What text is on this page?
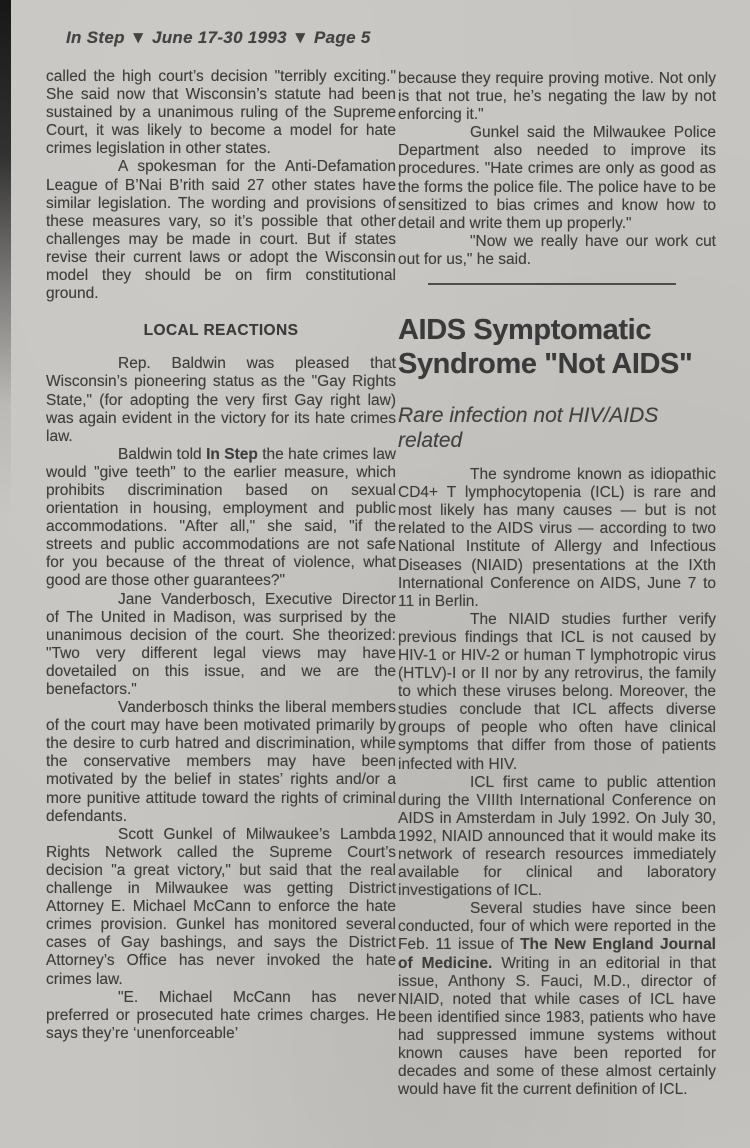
In Step ▼ June 17-30 1993 ▼ Page 5

called the high court’s decision "terribly exciting." She said now that Wisconsin’s statute had been sustained by a unanimous ruling of the Supreme Court, it was likely to become a model for hate crimes legislation in other states.

A spokesman for the Anti-Defamation League of B’Nai B’rith said 27 other states have similar legislation. The wording and provisions of these measures vary, so it’s possible that other challenges may be made in court. But if states revise their current laws or adopt the Wisconsin model they should be on firm constitutional ground.

LOCAL REACTIONS

Rep. Baldwin was pleased that Wisconsin’s pioneering status as the "Gay Rights State," (for adopting the very first Gay right law) was again evident in the victory for its hate crimes law.

Baldwin told In Step the hate crimes law would "give teeth" to the earlier measure, which prohibits discrimination based on sexual orientation in housing, employment and public accommodations. "After all," she said, "if the streets and public accommodations are not safe for you because of the threat of violence, what good are those other guarantees?"

Jane Vanderbosch, Executive Director of The United in Madison, was surprised by the unanimous decision of the court. She theorized: "Two very different legal views may have dovetailed on this issue, and we are the benefactors."

Vanderbosch thinks the liberal members of the court may have been motivated primarily by the desire to curb hatred and discrimination, while the conservative members may have been motivated by the belief in states’ rights and/or a more punitive attitude toward the rights of criminal defendants.

Scott Gunkel of Milwaukee’s Lambda Rights Network called the Supreme Court’s decision "a great victory," but said that the real challenge in Milwaukee was getting District Attorney E. Michael McCann to enforce the hate crimes provision. Gunkel has monitored several cases of Gay bashings, and says the District Attorney’s Office has never invoked the hate crimes law.

"E. Michael McCann has never preferred or prosecuted hate crimes charges. He says they’re ‘unenforceable’

because they require proving motive. Not only is that not true, he’s negating the law by not enforcing it."

Gunkel said the Milwaukee Police Department also needed to improve its procedures. "Hate crimes are only as good as the forms the police file. The police have to be sensitized to bias crimes and know how to detail and write them up properly."

"Now we really have our work cut out for us," he said.

AIDS Symptomatic Syndrome "Not AIDS"
Rare infection not HIV/AIDS related

The syndrome known as idiopathic CD4+ T lymphocytopenia (ICL) is rare and most likely has many causes — but is not related to the AIDS virus — according to two National Institute of Allergy and Infectious Diseases (NIAID) presentations at the IXth International Conference on AIDS, June 7 to 11 in Berlin.

The NIAID studies further verify previous findings that ICL is not caused by HIV-1 or HIV-2 or human T lymphotropic virus (HTLV)-I or II nor by any retrovirus, the family to which these viruses belong. Moreover, the studies conclude that ICL affects diverse groups of people who often have clinical symptoms that differ from those of patients infected with HIV.

ICL first came to public attention during the VIIIth International Conference on AIDS in Amsterdam in July 1992. On July 30, 1992, NIAID announced that it would make its network of research resources immediately available for clinical and laboratory investigations of ICL.

Several studies have since been conducted, four of which were reported in the Feb. 11 issue of The New England Journal of Medicine. Writing in an editorial in that issue, Anthony S. Fauci, M.D., director of NIAID, noted that while cases of ICL have been identified since 1983, patients who have had suppressed immune systems without known causes have been reported for decades and some of these almost certainly would have fit the current definition of ICL.
